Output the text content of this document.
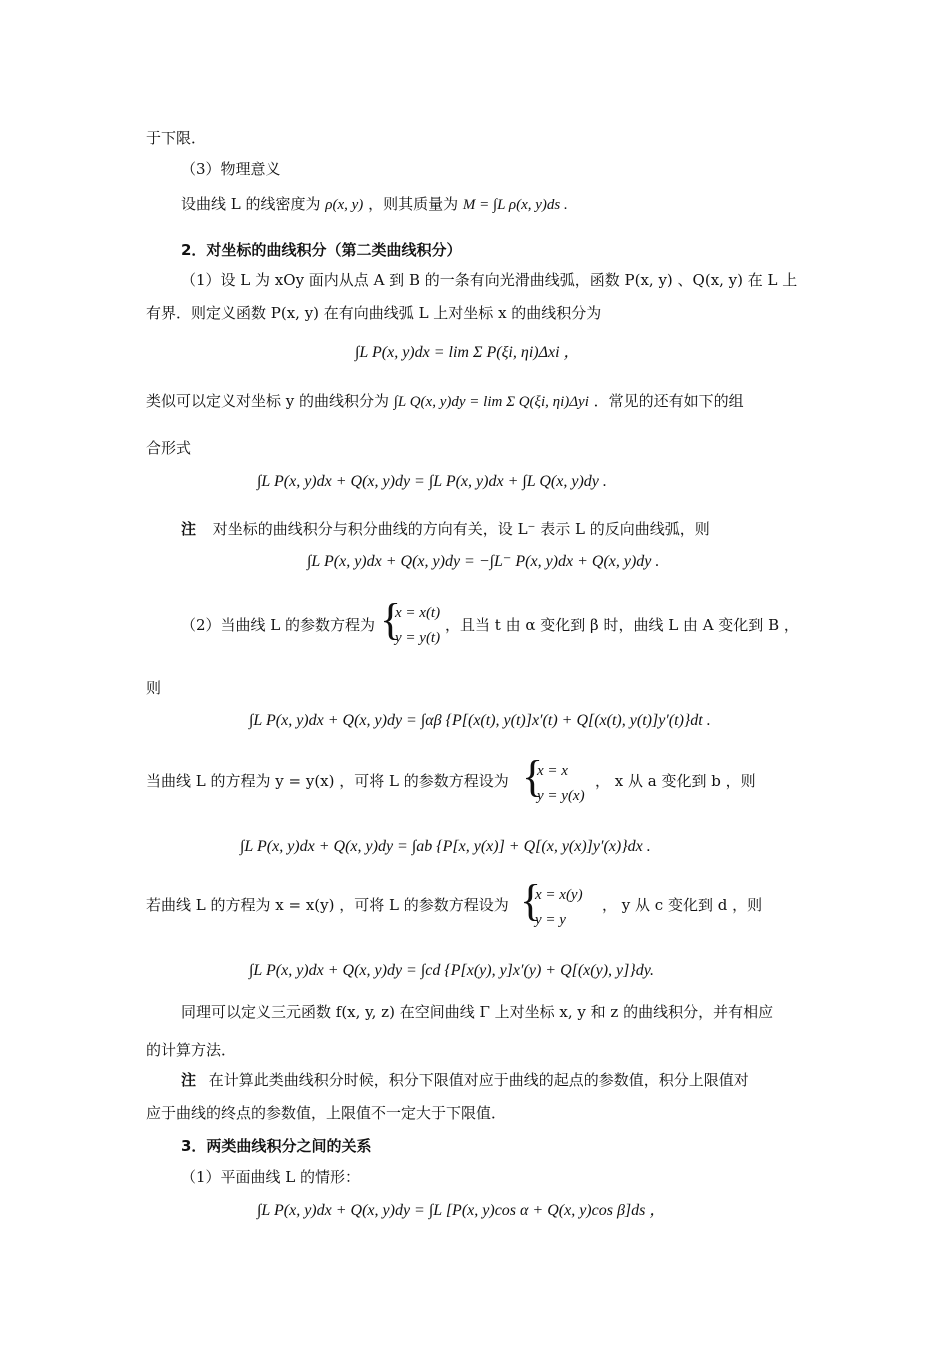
于下限．
（3）物理意义
设曲线 L 的线密度为 ρ(x, y) ，则其质量为 M = ∫L ρ(x, y)ds .
2．对坐标的曲线积分（第二类曲线积分）
（1）设 L 为 xOy 面内从点 A 到 B 的一条有向光滑曲线弧，函数 P(x, y) 、Q(x, y) 在 L 上
有界．则定义函数 P(x, y) 在有向曲线弧 L 上对坐标 x 的曲线积分为
∫L P(x, y)dx = lim Σ P(ξi, ηi)Δxi ，
类似可以定义对坐标 y 的曲线积分为 ∫L Q(x, y)dy = lim Σ Q(ξi, ηi)Δyi ．常见的还有如下的组
合形式
∫L P(x, y)dx + Q(x, y)dy = ∫L P(x, y)dx + ∫L Q(x, y)dy .
注 对坐标的曲线积分与积分曲线的方向有关，设 L⁻ 表示 L 的反向曲线弧，则
∫L P(x, y)dx + Q(x, y)dy = −∫L⁻ P(x, y)dx + Q(x, y)dy .
（2）当曲线 L 的参数方程为 {
x = x(t)
y = y(t)
，且当 t 由 α 变化到 β 时，曲线 L 由 A 变化到 B ，
则
∫L P(x, y)dx + Q(x, y)dy = ∫αβ {P[(x(t), y(t)]x′(t) + Q[(x(t), y(t)]y′(t)}dt .
当曲线 L 的方程为 y = y(x) ，可将 L 的参数方程设为 {
x = x
y = y(x)
， x 从 a 变化到 b ，则
∫L P(x, y)dx + Q(x, y)dy = ∫ab {P[x, y(x)] + Q[(x, y(x)]y′(x)}dx .
若曲线 L 的方程为 x = x(y) ，可将 L 的参数方程设为 {
x = x(y)
y = y
， y 从 c 变化到 d ，则
∫L P(x, y)dx + Q(x, y)dy = ∫cd {P[x(y), y]x′(y) + Q[(x(y), y]}dy.
同理可以定义三元函数 f(x, y, z) 在空间曲线 Γ 上对坐标 x, y 和 z 的曲线积分，并有相应
的计算方法．
注 在计算此类曲线积分时候，积分下限值对应于曲线的起点的参数值，积分上限值对
应于曲线的终点的参数值，上限值不一定大于下限值．
3．两类曲线积分之间的关系
（1）平面曲线 L 的情形：
∫L P(x, y)dx + Q(x, y)dy = ∫L [P(x, y)cos α + Q(x, y)cos β]ds ，
